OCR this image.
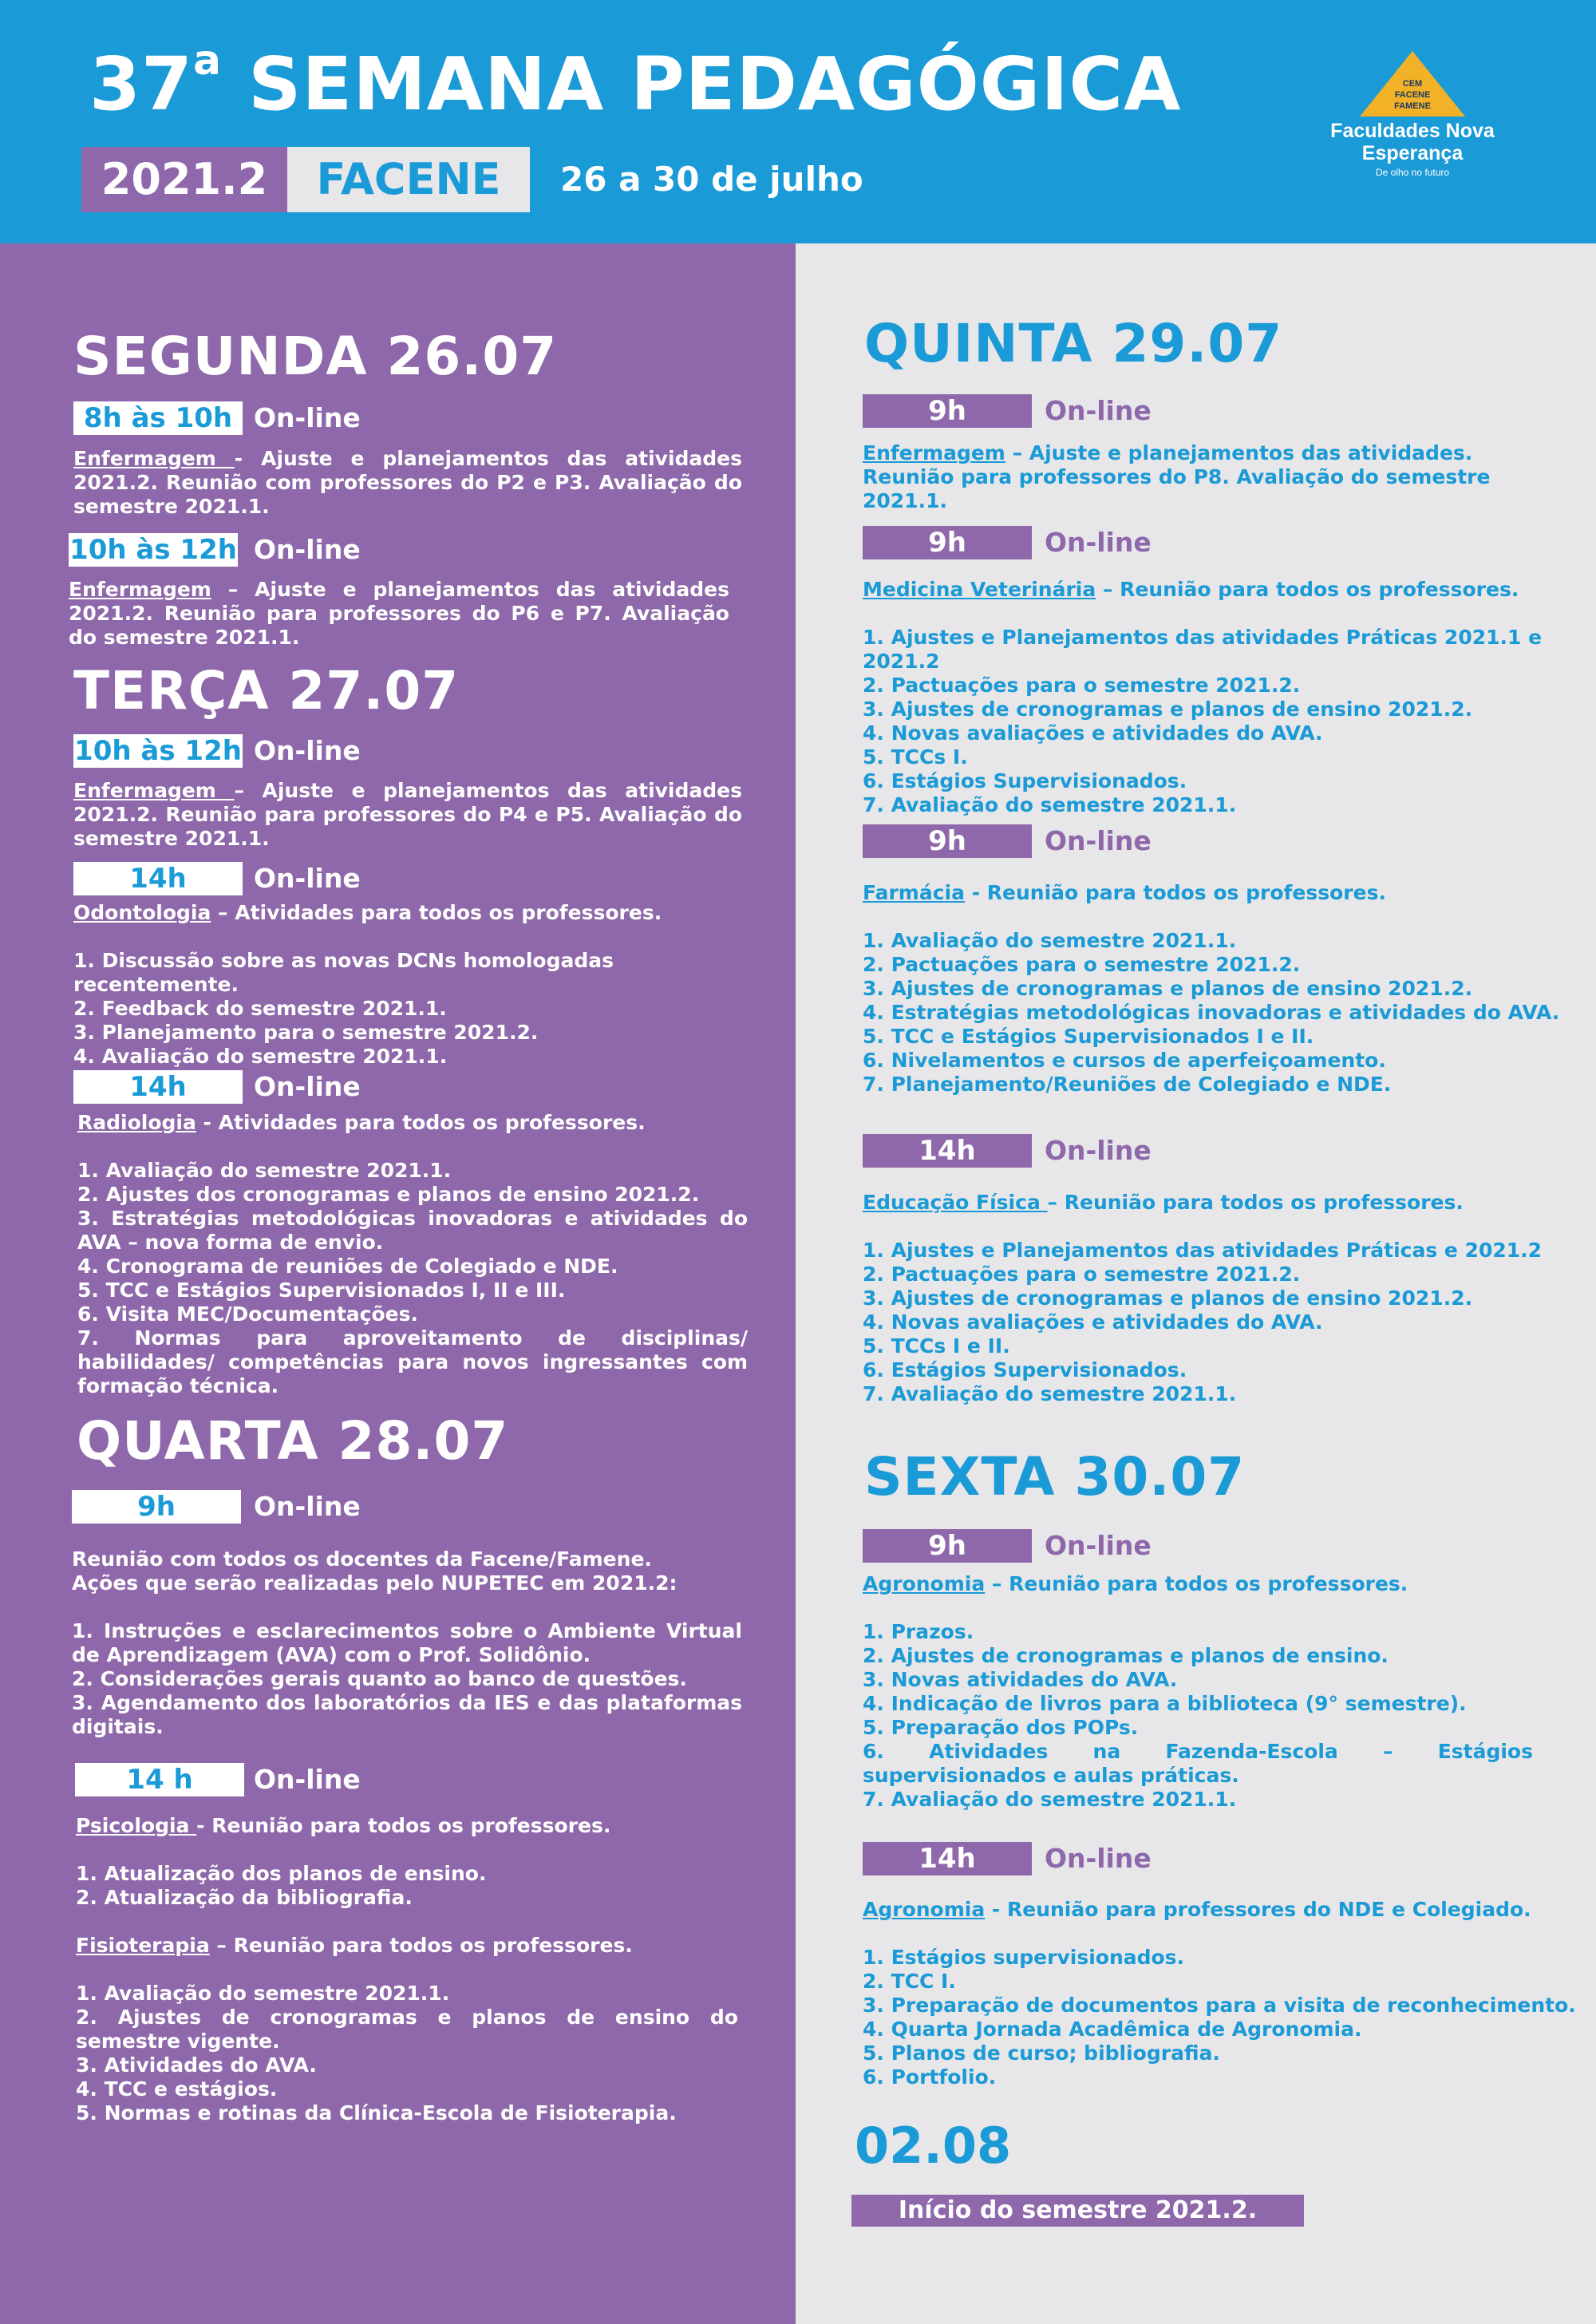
37$^a$ SEMANA PEDAGÓGICA
2021.2	FACENE	26 a 30 de julho
CEM
FACENE
FAMENE
Faculdades Nova Esperança
De olho no futuro
SEGUNDA 26.07
8h às 10h On-line

Enfermagem - Ajuste e planejamentos das atividades 2021.2. Reunião com professores do P2 e P3. Avaliação do semestre 2021.1.

10h às 12h On-line

Enfermagem – Ajuste e planejamentos das atividades 2021.2. Reunião para professores do P6 e P7. Avaliação do semestre 2021.1.

TERÇA 27.07
10h às 12h On-line

Enfermagem – Ajuste e planejamentos das atividades 2021.2. Reunião para professores do P4 e P5. Avaliação do semestre 2021.1.

14h	On-line

Odontologia – Atividades para todos os professores.

1. Discussão sobre as novas DCNs homologadas recentemente.
2. Feedback do semestre 2021.1.
3. Planejamento para o semestre 2021.2.
4. Avaliação do semestre 2021.1.
14h	On-line

Radiologia - Atividades para todos os professores.

1. Avaliação do semestre 2021.1.
2. Ajustes dos cronogramas e planos de ensino 2021.2.
3. Estratégias metodológicas inovadoras e atividades do AVA – nova forma de envio.
4. Cronograma de reuniões de Colegiado e NDE.
5. TCC e Estágios Supervisionados I, II e III.
6. Visita MEC/Documentações.
7. Normas para aproveitamento de disciplinas/ habilidades/ competências para novos ingressantes com formação técnica.
QUARTA 28.07
9h	On-line

Reunião com todos os docentes da Facene/Famene.

Ações que serão realizadas pelo NUPETEC em 2021.2:

1. Instruções e esclarecimentos sobre o Ambiente Virtual de Aprendizagem (AVA) com o Prof. Solidônio.
2. Considerações gerais quanto ao banco de questões.
3. Agendamento dos laboratórios da IES e das plataformas digitais.
14 h	On-line

Psicologia - Reunião para todos os professores.

1. Atualização dos planos de ensino.
2. Atualização da bibliografia.

Fisioterapia – Reunião para todos os professores.

1. Avaliação do semestre 2021.1.
2. Ajustes de cronogramas e planos de ensino do semestre vigente.
3. Atividades do AVA.
4. TCC e estágios.
5. Normas e rotinas da Clínica-Escola de Fisioterapia.
QUINTA 29.07
9h	On-line

Enfermagem – Ajuste e planejamentos das atividades. Reunião para professores do P8. Avaliação do semestre 2021.1.

9h	On-line

Medicina Veterinária – Reunião para todos os professores.

1. Ajustes e Planejamentos das atividades Práticas 2021.1 e 2021.2
2. Pactuações para o semestre 2021.2.
3. Ajustes de cronogramas e planos de ensino 2021.2.
4. Novas avaliações e atividades do AVA.
5. TCCs I.
6. Estágios Supervisionados.
7. Avaliação do semestre 2021.1.
9h	On-line

Farmácia - Reunião para todos os professores.

1. Avaliação do semestre 2021.1.
2. Pactuações para o semestre 2021.2.
3. Ajustes de cronogramas e planos de ensino 2021.2.
4. Estratégias metodológicas inovadoras e atividades do AVA.
5. TCC e Estágios Supervisionados I e II.
6. Nivelamentos e cursos de aperfeiçoamento.
7. Planejamento/Reuniões de Colegiado e NDE.
14h	On-line

Educação Física – Reunião para todos os professores.

1. Ajustes e Planejamentos das atividades Práticas e 2021.2
2. Pactuações para o semestre 2021.2.
3. Ajustes de cronogramas e planos de ensino 2021.2.
4. Novas avaliações e atividades do AVA.
5. TCCs I e II.
6. Estágios Supervisionados.
7. Avaliação do semestre 2021.1.
SEXTA 30.07
9h	On-line

Agronomia – Reunião para todos os professores.

1. Prazos.
2. Ajustes de cronogramas e planos de ensino.
3. Novas atividades do AVA.
4. Indicação de livros para a biblioteca (9° semestre).
5. Preparação dos POPs.
6. Atividades na Fazenda-Escola – Estágios supervisionados e aulas práticas.
7. Avaliação do semestre 2021.1.
14h	On-line

Agronomia - Reunião para professores do NDE e Colegiado.

1. Estágios supervisionados.
2. TCC I.
3. Preparação de documentos para a visita de reconhecimento.
4. Quarta Jornada Acadêmica de Agronomia.
5. Planos de curso; bibliografia.
6. Portfolio.
02.08
Início do semestre 2021.2.
